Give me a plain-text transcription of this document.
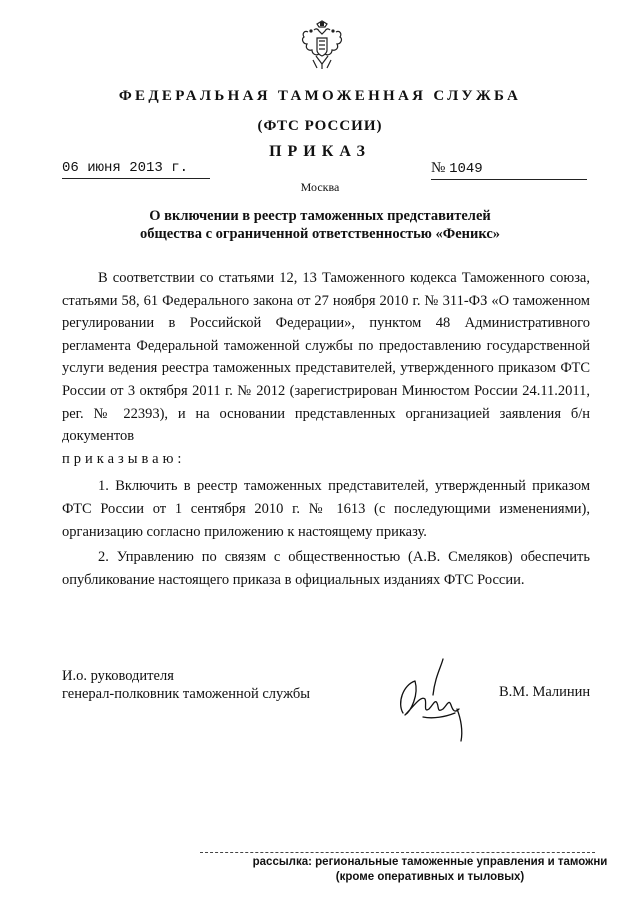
ФЕДЕРАЛЬНАЯ ТАМОЖЕННАЯ СЛУЖБА
(ФТС РОССИИ)
ПРИКАЗ
06 июня 2013 г.	№ 1049
Москва
О включении в реестр таможенных представителей
общества с ограниченной ответственностью «Феникс»

В соответствии со статьями 12, 13 Таможенного кодекса Таможенного союза, статьями 58, 61 Федерального закона от 27 ноября 2010 г. № 311-ФЗ «О таможенном регулировании в Российской Федерации», пунктом 48 Административного регламента Федеральной таможенной службы по предоставлению государственной услуги ведения реестра таможенных представителей, утвержденного приказом ФТС России от 3 октября 2011 г. № 2012 (зарегистрирован Минюстом России 24.11.2011, рег. № 22393), и на основании представленных организацией заявления б/н документов

приказываю:

1. Включить в реестр таможенных представителей, утвержденный приказом ФТС России от 1 сентября 2010 г. № 1613 (с последующими изменениями), организацию согласно приложению к настоящему приказу.

2. Управлению по связям с общественностью (А.В. Смеляков) обеспечить опубликование настоящего приказа в официальных изданиях ФТС России.

И.о. руководителя
генерал-полковник таможенной службы	В.М. Малинин
рассылка: региональные таможенные управления и таможни
(кроме оперативных и тыловых)
